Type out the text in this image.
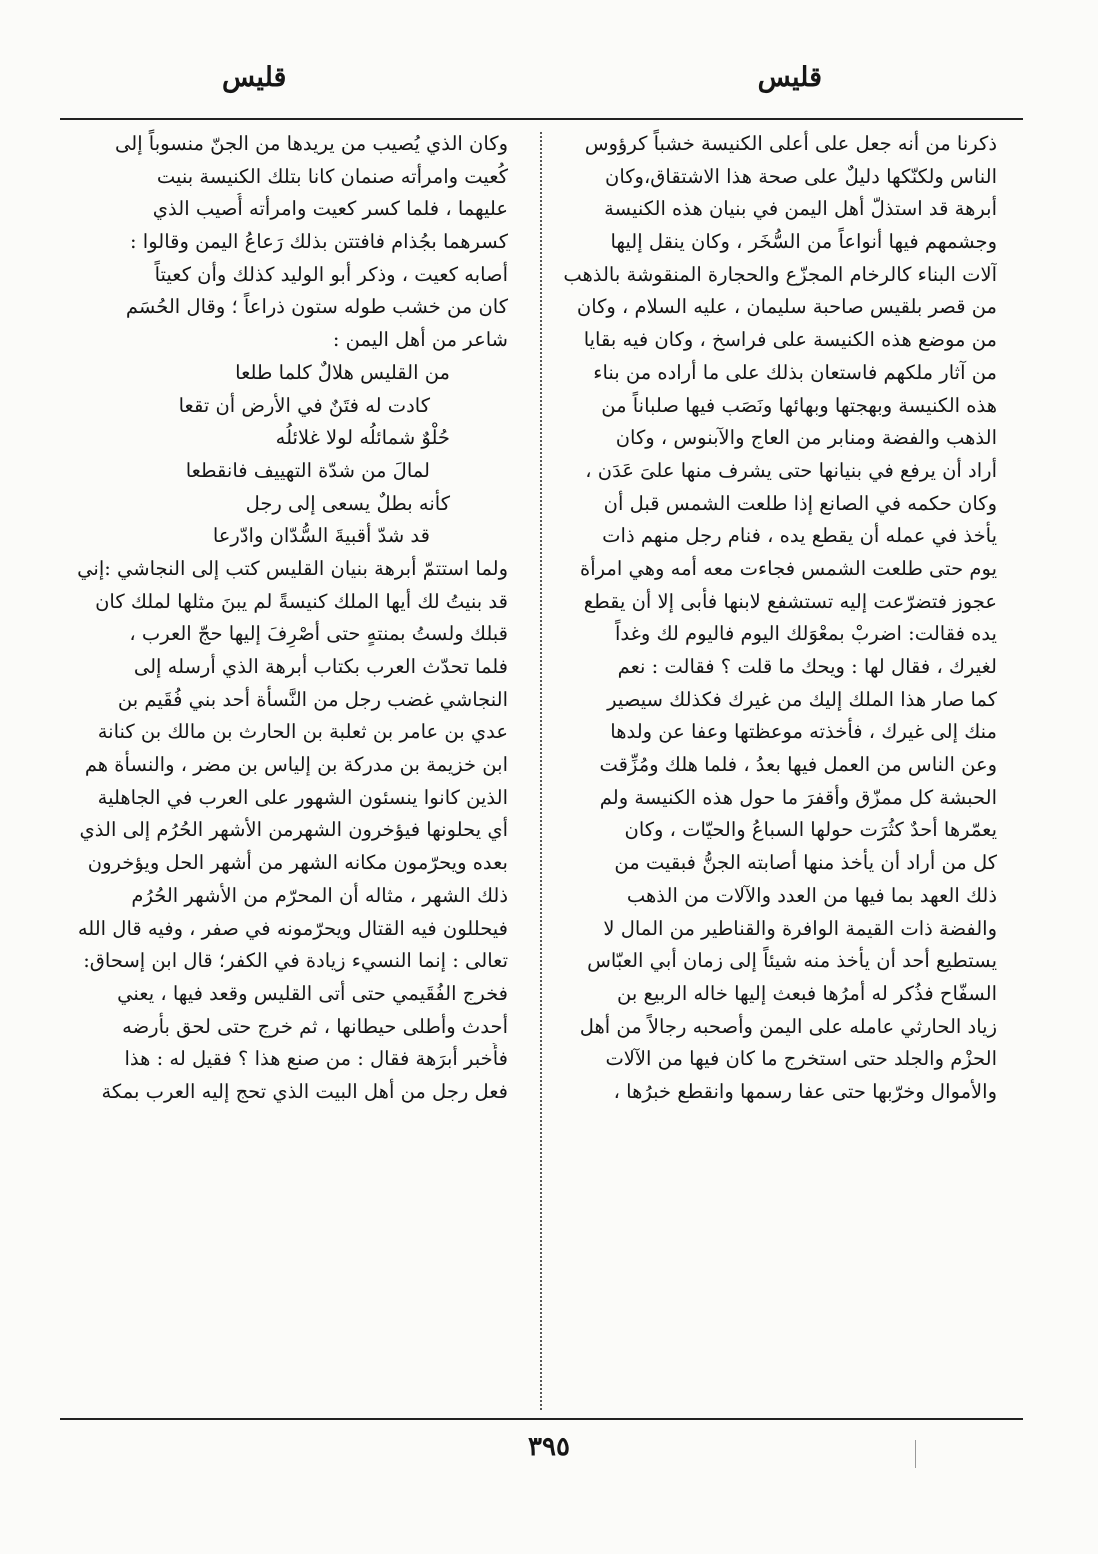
قليس
قليس
ذكرنا من أنه جعل على أعلى الكنيسة خشباً كرؤوس
الناس ولكنّكها دليلٌ على صحة هذا الاشتقاق،وكان
أبرهة قد استذلّ أهل اليمن في بنيان هذه الكنيسة
وجشمهم فيها أنواعاً من السُّخَر ، وكان ينقل إليها
آلات البناء كالرخام المجزّع والحجارة المنقوشة بالذهب
من قصر بلقيس صاحبة سليمان ، عليه السلام ، وكان
من موضع هذه الكنيسة على فراسخ ، وكان فيه بقايا
من آثار ملكهم فاستعان بذلك على ما أراده من بناء
هذه الكنيسة وبهجتها وبهائها ونَصَب فيها صلباناً من
الذهب والفضة ومنابر من العاج والآبنوس ، وكان
أراد أن يرفع في بنيانها حتى يشرف منها علىَ عَدَن ،
وكان حكمه في الصانع إذا طلعت الشمس قبل أن
يأخذ في عمله أن يقطع يده ، فنام رجل منهم ذات
يوم حتى طلعت الشمس فجاءت معه أمه وهي امرأة
عجوز فتضرّعت إليه تستشفع لابنها فأبى إلا أن يقطع
يده فقالت: اضربْ بمعْوَلك اليوم فاليوم لك وغداً
لغيرك ، فقال لها : ويحك ما قلت ؟ فقالت : نعم
كما صار هذا الملك إليك من غيرك فكذلك سيصير
منك إلى غيرك ، فأخذته موعظتها وعفا عن ولدها
وعن الناس من العمل فيها بعدُ ، فلما هلك ومُزِّقت
الحبشة كل ممزّق وأقفرَ ما حول هذه الكنيسة ولم
يعمّرها أحدٌ كثُرَت حولها السباعُ والحيّات ، وكان
كل من أراد أن يأخذ منها أصابته الجنُّ فبقيت من
ذلك العهد بما فيها من العدد والآلات من الذهب
والفضة ذات القيمة الوافرة والقناطير من المال لا
يستطيع أحد أن يأخذ منه شيئاً إلى زمان أبي العبّاس
السفّاح فذُكر له أمرُها فبعث إليها خاله الربيع بن
زياد الحارثي عامله على اليمن وأصحبه رجالاً من أهل
الحزْم والجلد حتى استخرج ما كان فيها من الآلات
والأموال وخرّبها حتى عفا رسمها وانقطع خبرُها ،
وكان الذي يُصيب من يريدها من الجنّ منسوباً إلى
كُعيت وامرأته صنمان كانا بتلك الكنيسة بنيت
عليهما ، فلما كسر كعيت وامرأته أُصيب الذي
كسرهما بجُذام فافتتن بذلك رَعاعُ اليمن وقالوا :
أصابه كعيت ، وذكر أبو الوليد كذلك وأن كعيتاً
كان من خشب طوله ستون ذراعاً ؛ وقال الحُسَم
شاعر من أهل اليمن :
من القليس هلالٌ كلما طلعا
كادت له فتَنٌ في الأرض أن تقعا
حُلْوٌ شمائلُه لولا غلائلُه
لمالَ من شدّة التهييف فانقطعا
كأنه بطلٌ يسعى إلى رجل
قد شدّ أقبيةَ السُّدّان وادّرعا
ولما استتمّ أبرهة بنيان القليس كتب إلى النجاشي :إني
قد بنيتُ لك أيها الملك كنيسةً لم يبنَ مثلها لملك كان
قبلك ولستُ بمنتهٍ حتى أصْرِفَ إليها حجّ العرب ،
فلما تحدّث العرب بكتاب أبرهة الذي أرسله إلى
النجاشي غضب رجل من النَّسأة أحد بني فُقَيم بن
عدي بن عامر بن ثعلبة بن الحارث بن مالك بن كنانة
ابن خزيمة بن مدركة بن إلياس بن مضر ، والنسأة هم
الذين كانوا ينسئون الشهور على العرب في الجاهلية
أي يحلونها فيؤخرون الشهرمن الأشهر الحُرُم إلى الذي
بعده ويحرّمون مكانه الشهر من أشهر الحل ويؤخرون
ذلك الشهر ، مثاله أن المحرّم من الأشهر الحُرُم
فيحللون فيه القتال ويحرّمونه في صفر ، وفيه قال الله
تعالى : إنما النسيء زيادة في الكفر؛ قال ابن إسحاق:
فخرج الفُقَيمي حتى أتى القليس وقعد فيها ، يعني
أحدث وأطلى حيطانها ، ثم خرج حتى لحق بأرضه
فأُخبر أبرَهة فقال : من صنع هذا ؟ فقيل له : هذا
فعل رجل من أهل البيت الذي تحج إليه العرب بمكة
٣٩٥
